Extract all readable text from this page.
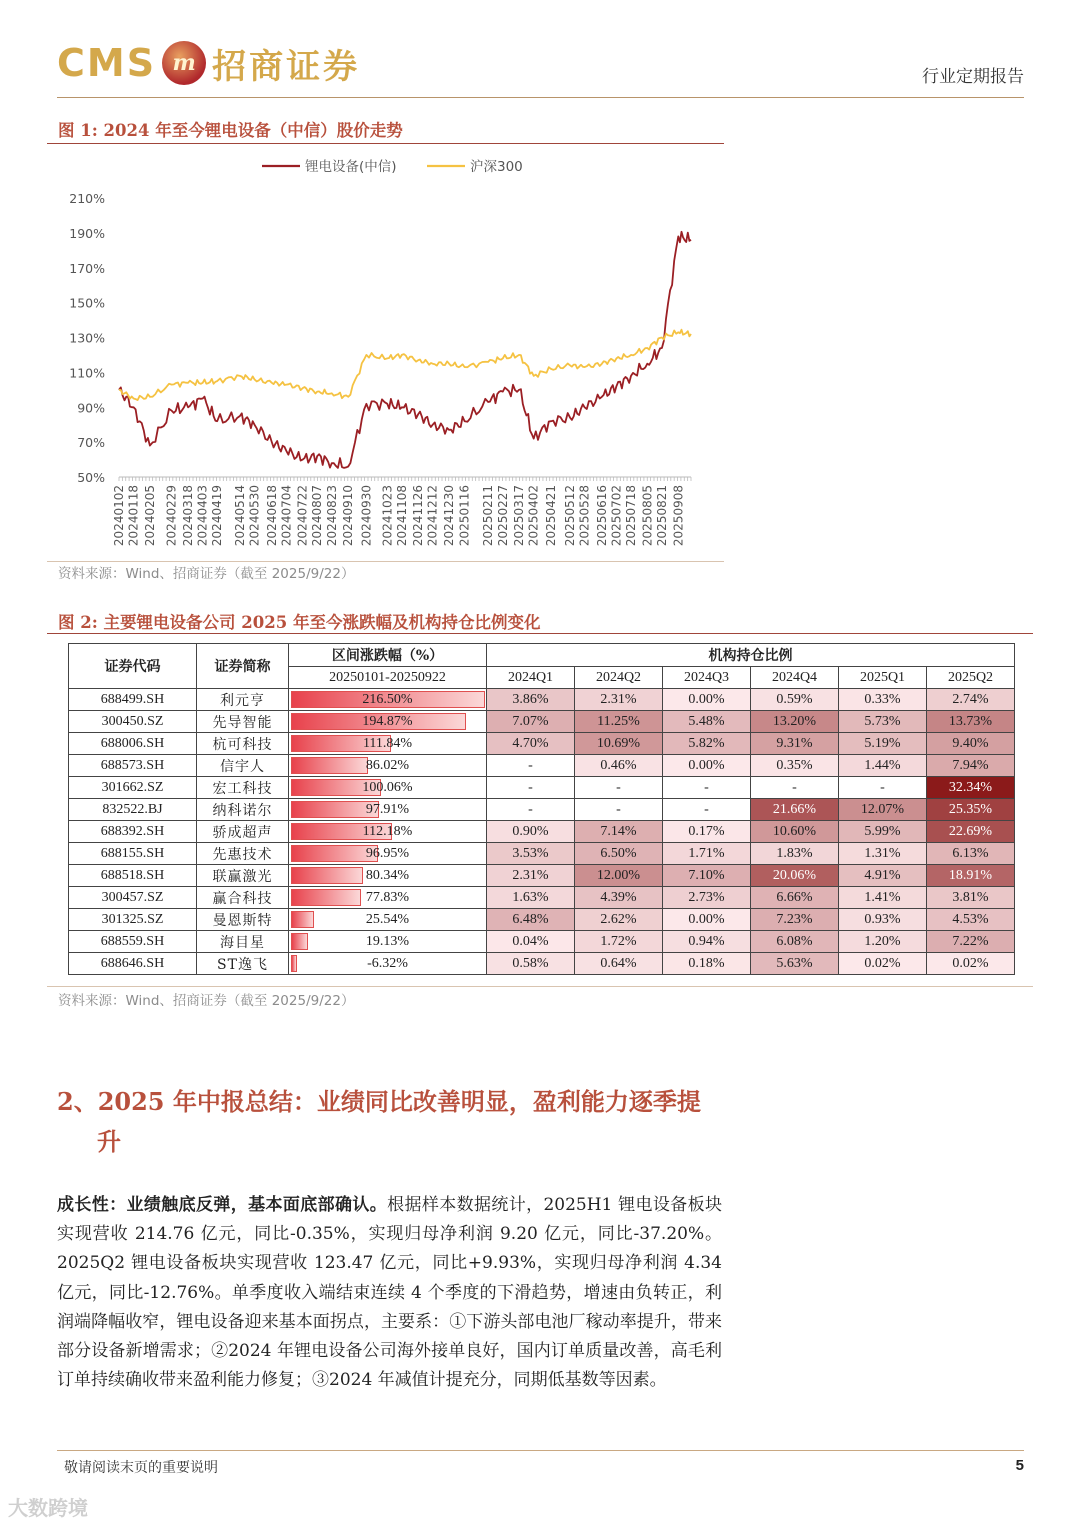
CMS m 招商证券	行业定期报告
图 1: 2024 年至今锂电设备（中信）股价走势
锂电设备(中信)	沪深300
210%
190%
170%
150%
130%
110%
90%
70%
50%
20240102 20240118 20240205 20240229 20240318 20240403 20240419 20240514 20240530 20240618 20240704 20240722 20240807 20240823 20240910 20240930 20241023 20241108 20241126 20241212 20241230 20250116 20250211 20250227 20250317 20250402 20250421 20250512 20250528 20250616 20250702 20250718 20250805 20250821 20250908
资料来源：Wind、招商证券（截至 2025/9/22）
图 2: 主要锂电设备公司 2025 年至今涨跌幅及机构持仓比例变化
证券代码	证券简称	区间涨跌幅（%）	机构持仓比例					
		20250101-20250922	2024Q1	2024Q2	2024Q3	2024Q4	2025Q1	2025Q2
688499.SH	利元亨	216.50%	3.86%	2.31%	0.00%	0.59%	0.33%	2.74%
300450.SZ	先导智能	194.87%	7.07%	11.25%	5.48%	13.20%	5.73%	13.73%
688006.SH	杭可科技	111.84%	4.70%	10.69%	5.82%	9.31%	5.19%	9.40%
688573.SH	信宇人	86.02%	-	0.46%	0.00%	0.35%	1.44%	7.94%
301662.SZ	宏工科技	100.06%	-	-	-	-	-	32.34%
832522.BJ	纳科诺尔	97.91%	-	-	-	21.66%	12.07%	25.35%
688392.SH	骄成超声	112.18%	0.90%	7.14%	0.17%	10.60%	5.99%	22.69%
688155.SH	先惠技术	96.95%	3.53%	6.50%	1.71%	1.83%	1.31%	6.13%
688518.SH	联赢激光	80.34%	2.31%	12.00%	7.10%	20.06%	4.91%	18.91%
300457.SZ	赢合科技	77.83%	1.63%	4.39%	2.73%	6.66%	1.41%	3.81%
301325.SZ	曼恩斯特	25.54%	6.48%	2.62%	0.00%	7.23%	0.93%	4.53%
688559.SH	海目星	19.13%	0.04%	1.72%	0.94%	6.08%	1.20%	7.22%
688646.SH	ST逸飞	-6.32%	0.58%	0.64%	0.18%	5.63%	0.02%	0.02%
资料来源：Wind、招商证券（截至 2025/9/22）
2、2025 年中报总结：业绩同比改善明显，盈利能力逐季提
升
成长性：业绩触底反弹，基本面底部确认。根据样本数据统计，2025H1 锂电设备板块实现营收 214.76 亿元，同比-0.35%，实现归母净利润 9.20 亿元，同比-37.20%。2025Q2 锂电设备板块实现营收 123.47 亿元，同比+9.93%，实现归母净利润 4.34 亿元，同比-12.76%。单季度收入端结束连续 4 个季度的下滑趋势，增速由负转正，利润端降幅收窄，锂电设备迎来基本面拐点，主要系：①下游头部电池厂稼动率提升，带来部分设备新增需求；②2024 年锂电设备公司海外接单良好，国内订单质量改善，高毛利订单持续确收带来盈利能力修复；③2024 年减值计提充分，同期低基数等因素。
敬请阅读末页的重要说明	5
大数跨境
